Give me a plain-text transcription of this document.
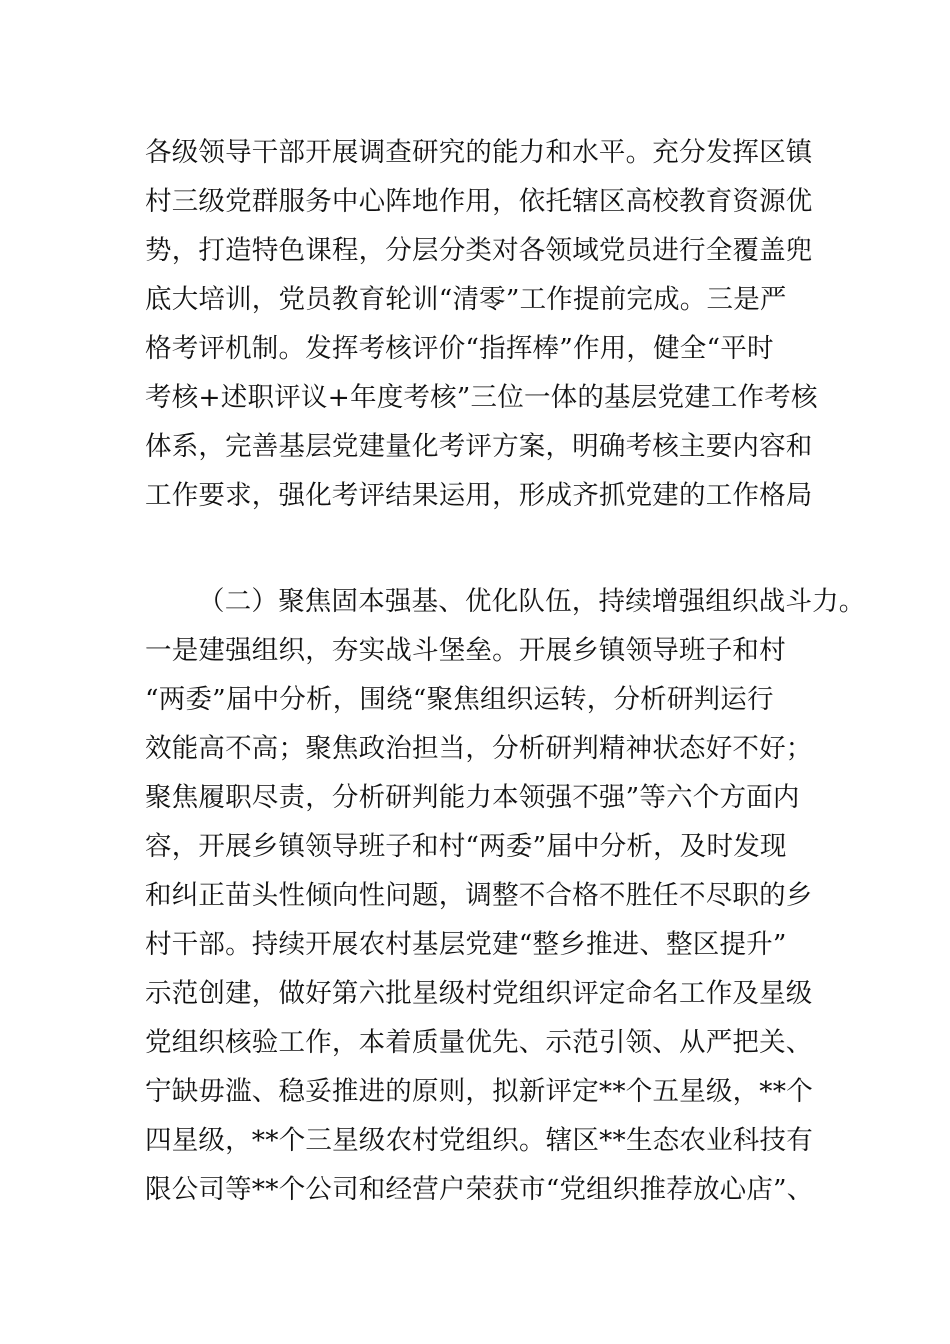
各级领导干部开展调查研究的能力和水平。充分发挥区镇
村三级党群服务中心阵地作用，依托辖区高校教育资源优
势，打造特色课程，分层分类对各领域党员进行全覆盖兜
底大培训，党员教育轮训“清零”工作提前完成。三是严
格考评机制。发挥考核评价“指挥棒”作用，健全“平时
考核+述职评议+年度考核”三位一体的基层党建工作考核
体系，完善基层党建量化考评方案，明确考核主要内容和
工作要求，强化考评结果运用，形成齐抓党建的工作格局
（二）聚焦固本强基、优化队伍，持续增强组织战斗力。
一是建强组织，夯实战斗堡垒。开展乡镇领导班子和村
“两委”届中分析，围绕“聚焦组织运转，分析研判运行
效能高不高；聚焦政治担当，分析研判精神状态好不好；
聚焦履职尽责，分析研判能力本领强不强”等六个方面内
容，开展乡镇领导班子和村“两委”届中分析，及时发现
和纠正苗头性倾向性问题，调整不合格不胜任不尽职的乡
村干部。持续开展农村基层党建“整乡推进、整区提升”
示范创建，做好第六批星级村党组织评定命名工作及星级
党组织核验工作，本着质量优先、示范引领、从严把关、
宁缺毋滥、稳妥推进的原则，拟新评定**个五星级，**个
四星级，**个三星级农村党组织。辖区**生态农业科技有
限公司等**个公司和经营户荣获市“党组织推荐放心店”、
